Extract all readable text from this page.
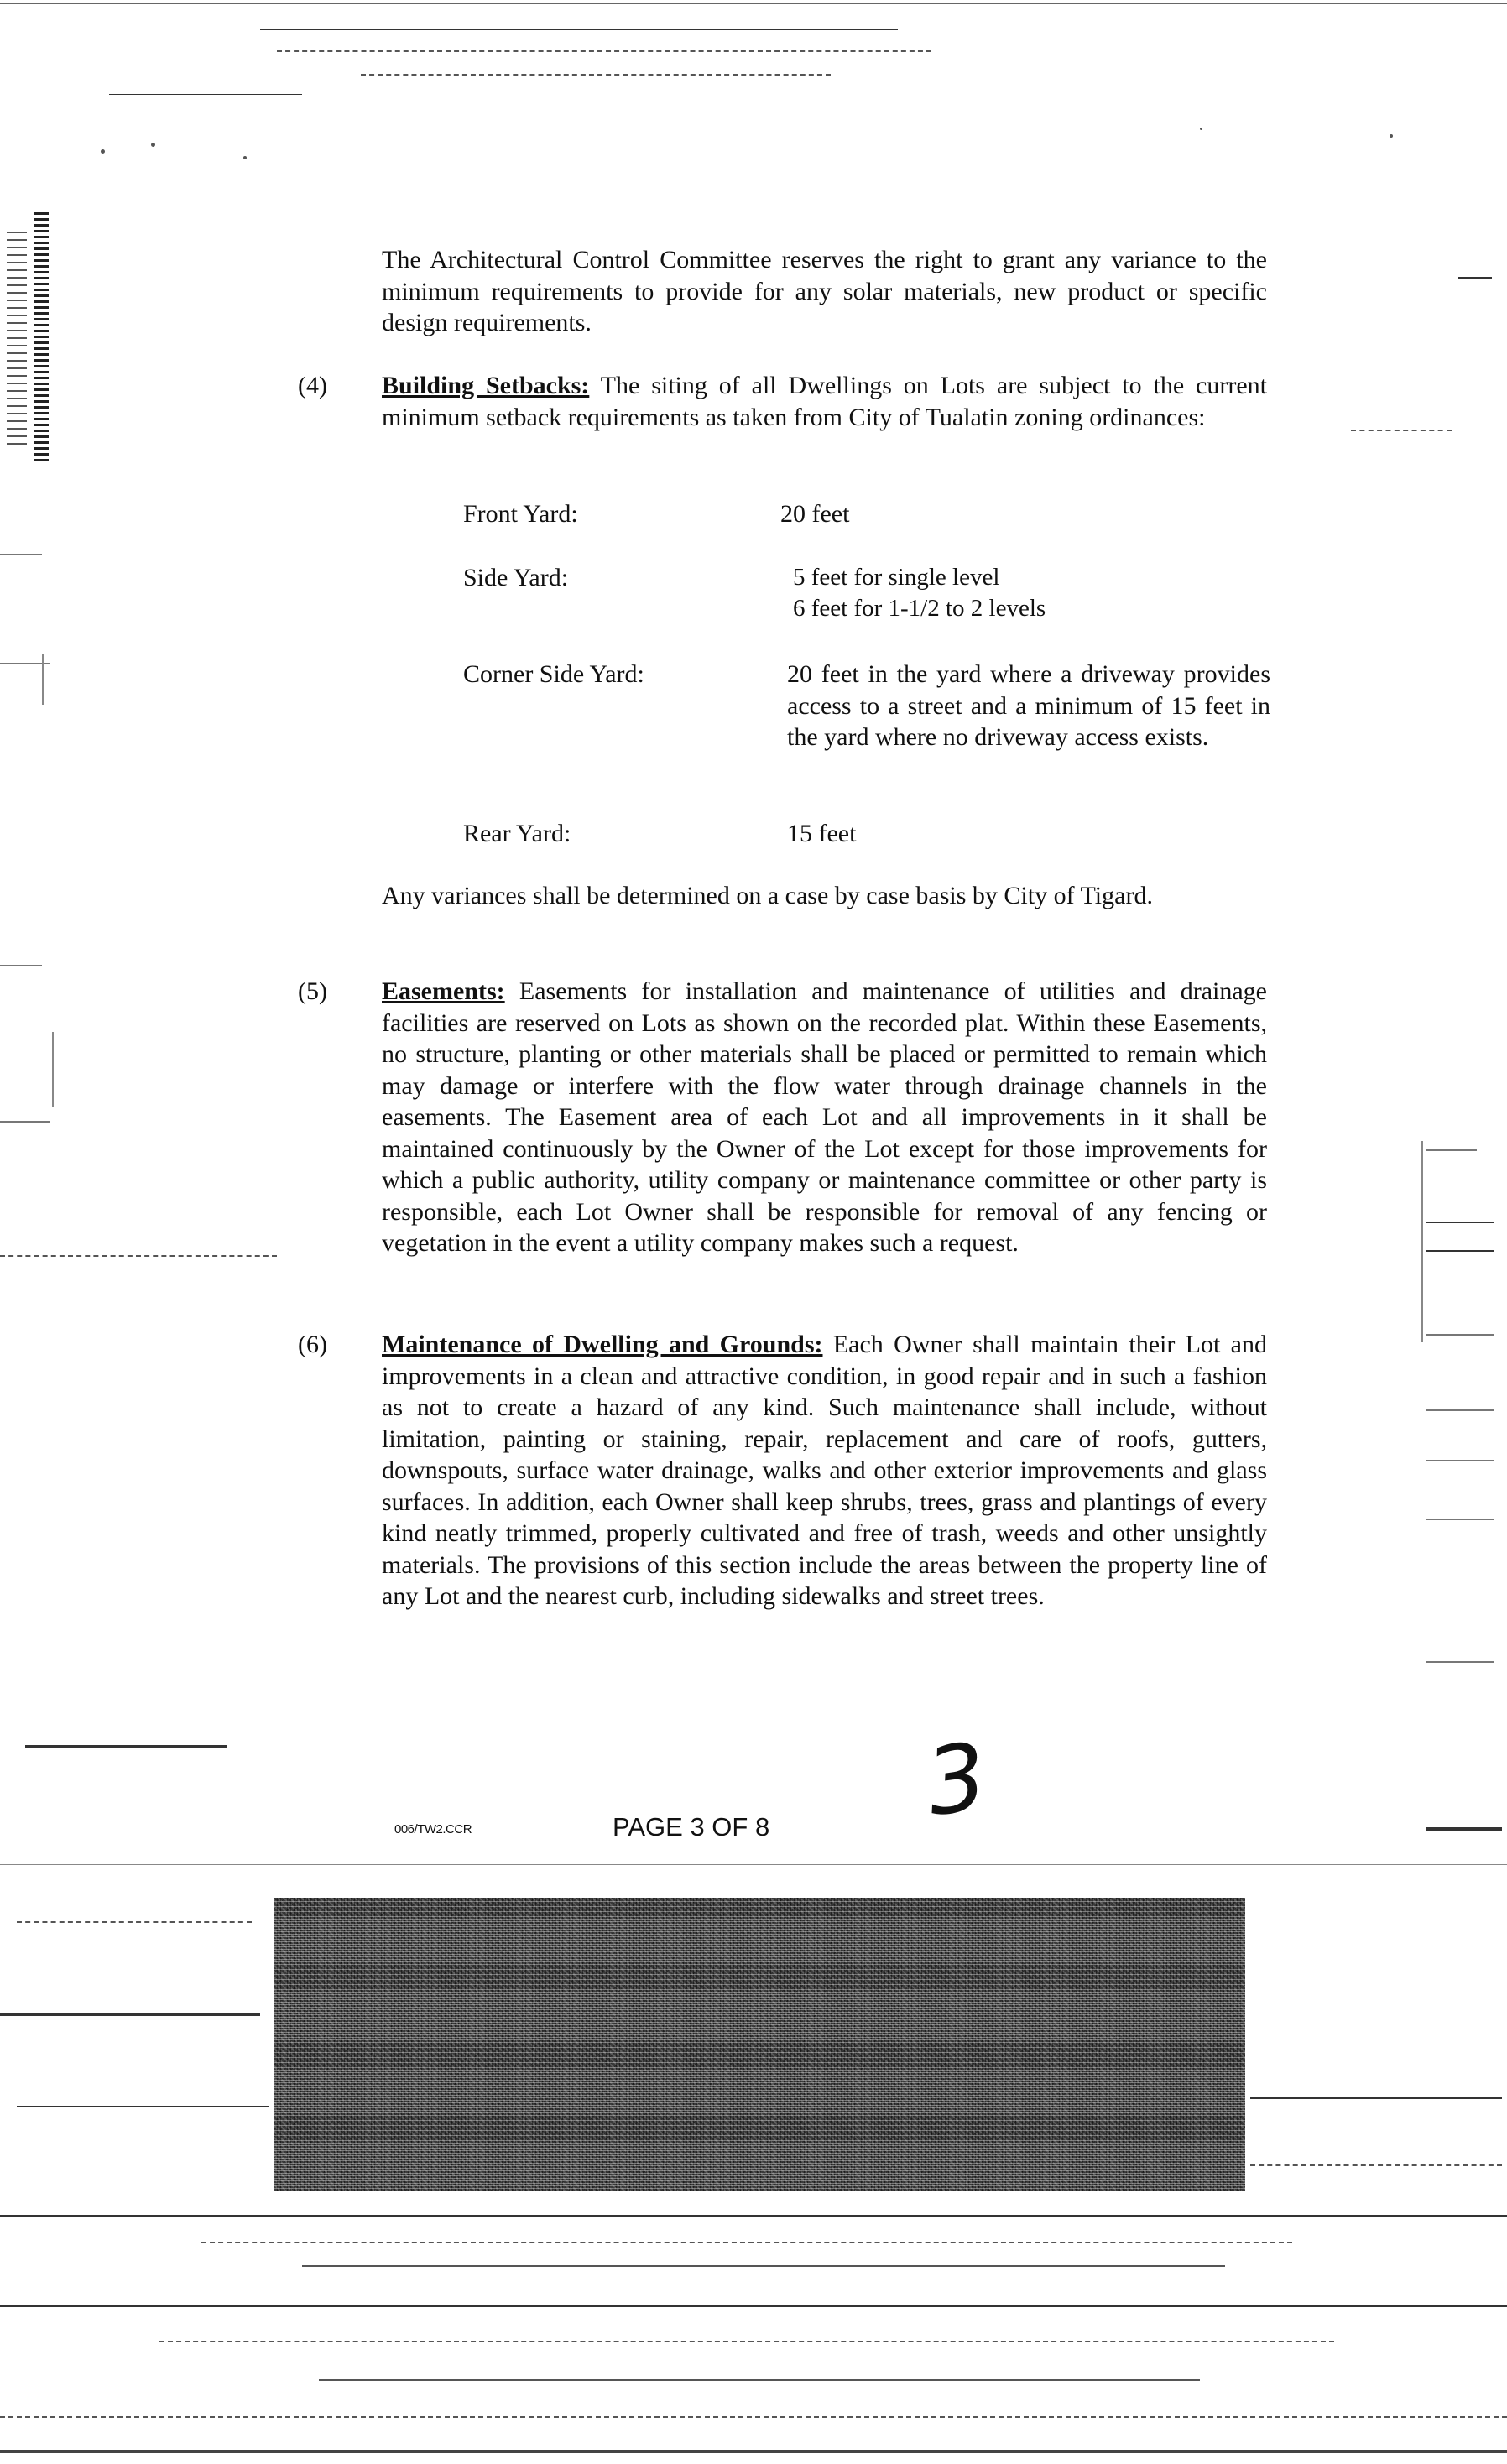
The Architectural Control Committee reserves the right to grant any variance to the minimum requirements to provide for any solar materials, new product or specific design requirements.
(4) Building Setbacks: The siting of all Dwellings on Lots are subject to the current minimum setback requirements as taken from City of Tualatin zoning ordinances:
Front Yard:	20 feet
Side Yard:	5 feet for single level
6 feet for 1-1/2 to 2 levels
Corner Side Yard:	20 feet in the yard where a driveway provides access to a street and a minimum of 15 feet in the yard where no driveway access exists.
Rear Yard:	15 feet
Any variances shall be determined on a case by case basis by City of Tigard.
(5) Easements: Easements for installation and maintenance of utilities and drainage facilities are reserved on Lots as shown on the recorded plat. Within these Easements, no structure, planting or other materials shall be placed or permitted to remain which may damage or interfere with the flow water through drainage channels in the easements. The Easement area of each Lot and all improvements in it shall be maintained continuously by the Owner of the Lot except for those improvements for which a public authority, utility company or maintenance committee or other party is responsible, each Lot Owner shall be responsible for removal of any fencing or vegetation in the event a utility company makes such a request.
(6) Maintenance of Dwelling and Grounds: Each Owner shall maintain their Lot and improvements in a clean and attractive condition, in good repair and in such a fashion as not to create a hazard of any kind. Such maintenance shall include, without limitation, painting or staining, repair, replacement and care of roofs, gutters, downspouts, surface water drainage, walks and other exterior improvements and glass surfaces. In addition, each Owner shall keep shrubs, trees, grass and plantings of every kind neatly trimmed, properly cultivated and free of trash, weeds and other unsightly materials. The provisions of this section include the areas between the property line of any Lot and the nearest curb, including sidewalks and street trees.
006/TW2.CCR	PAGE 3 OF 8 3
